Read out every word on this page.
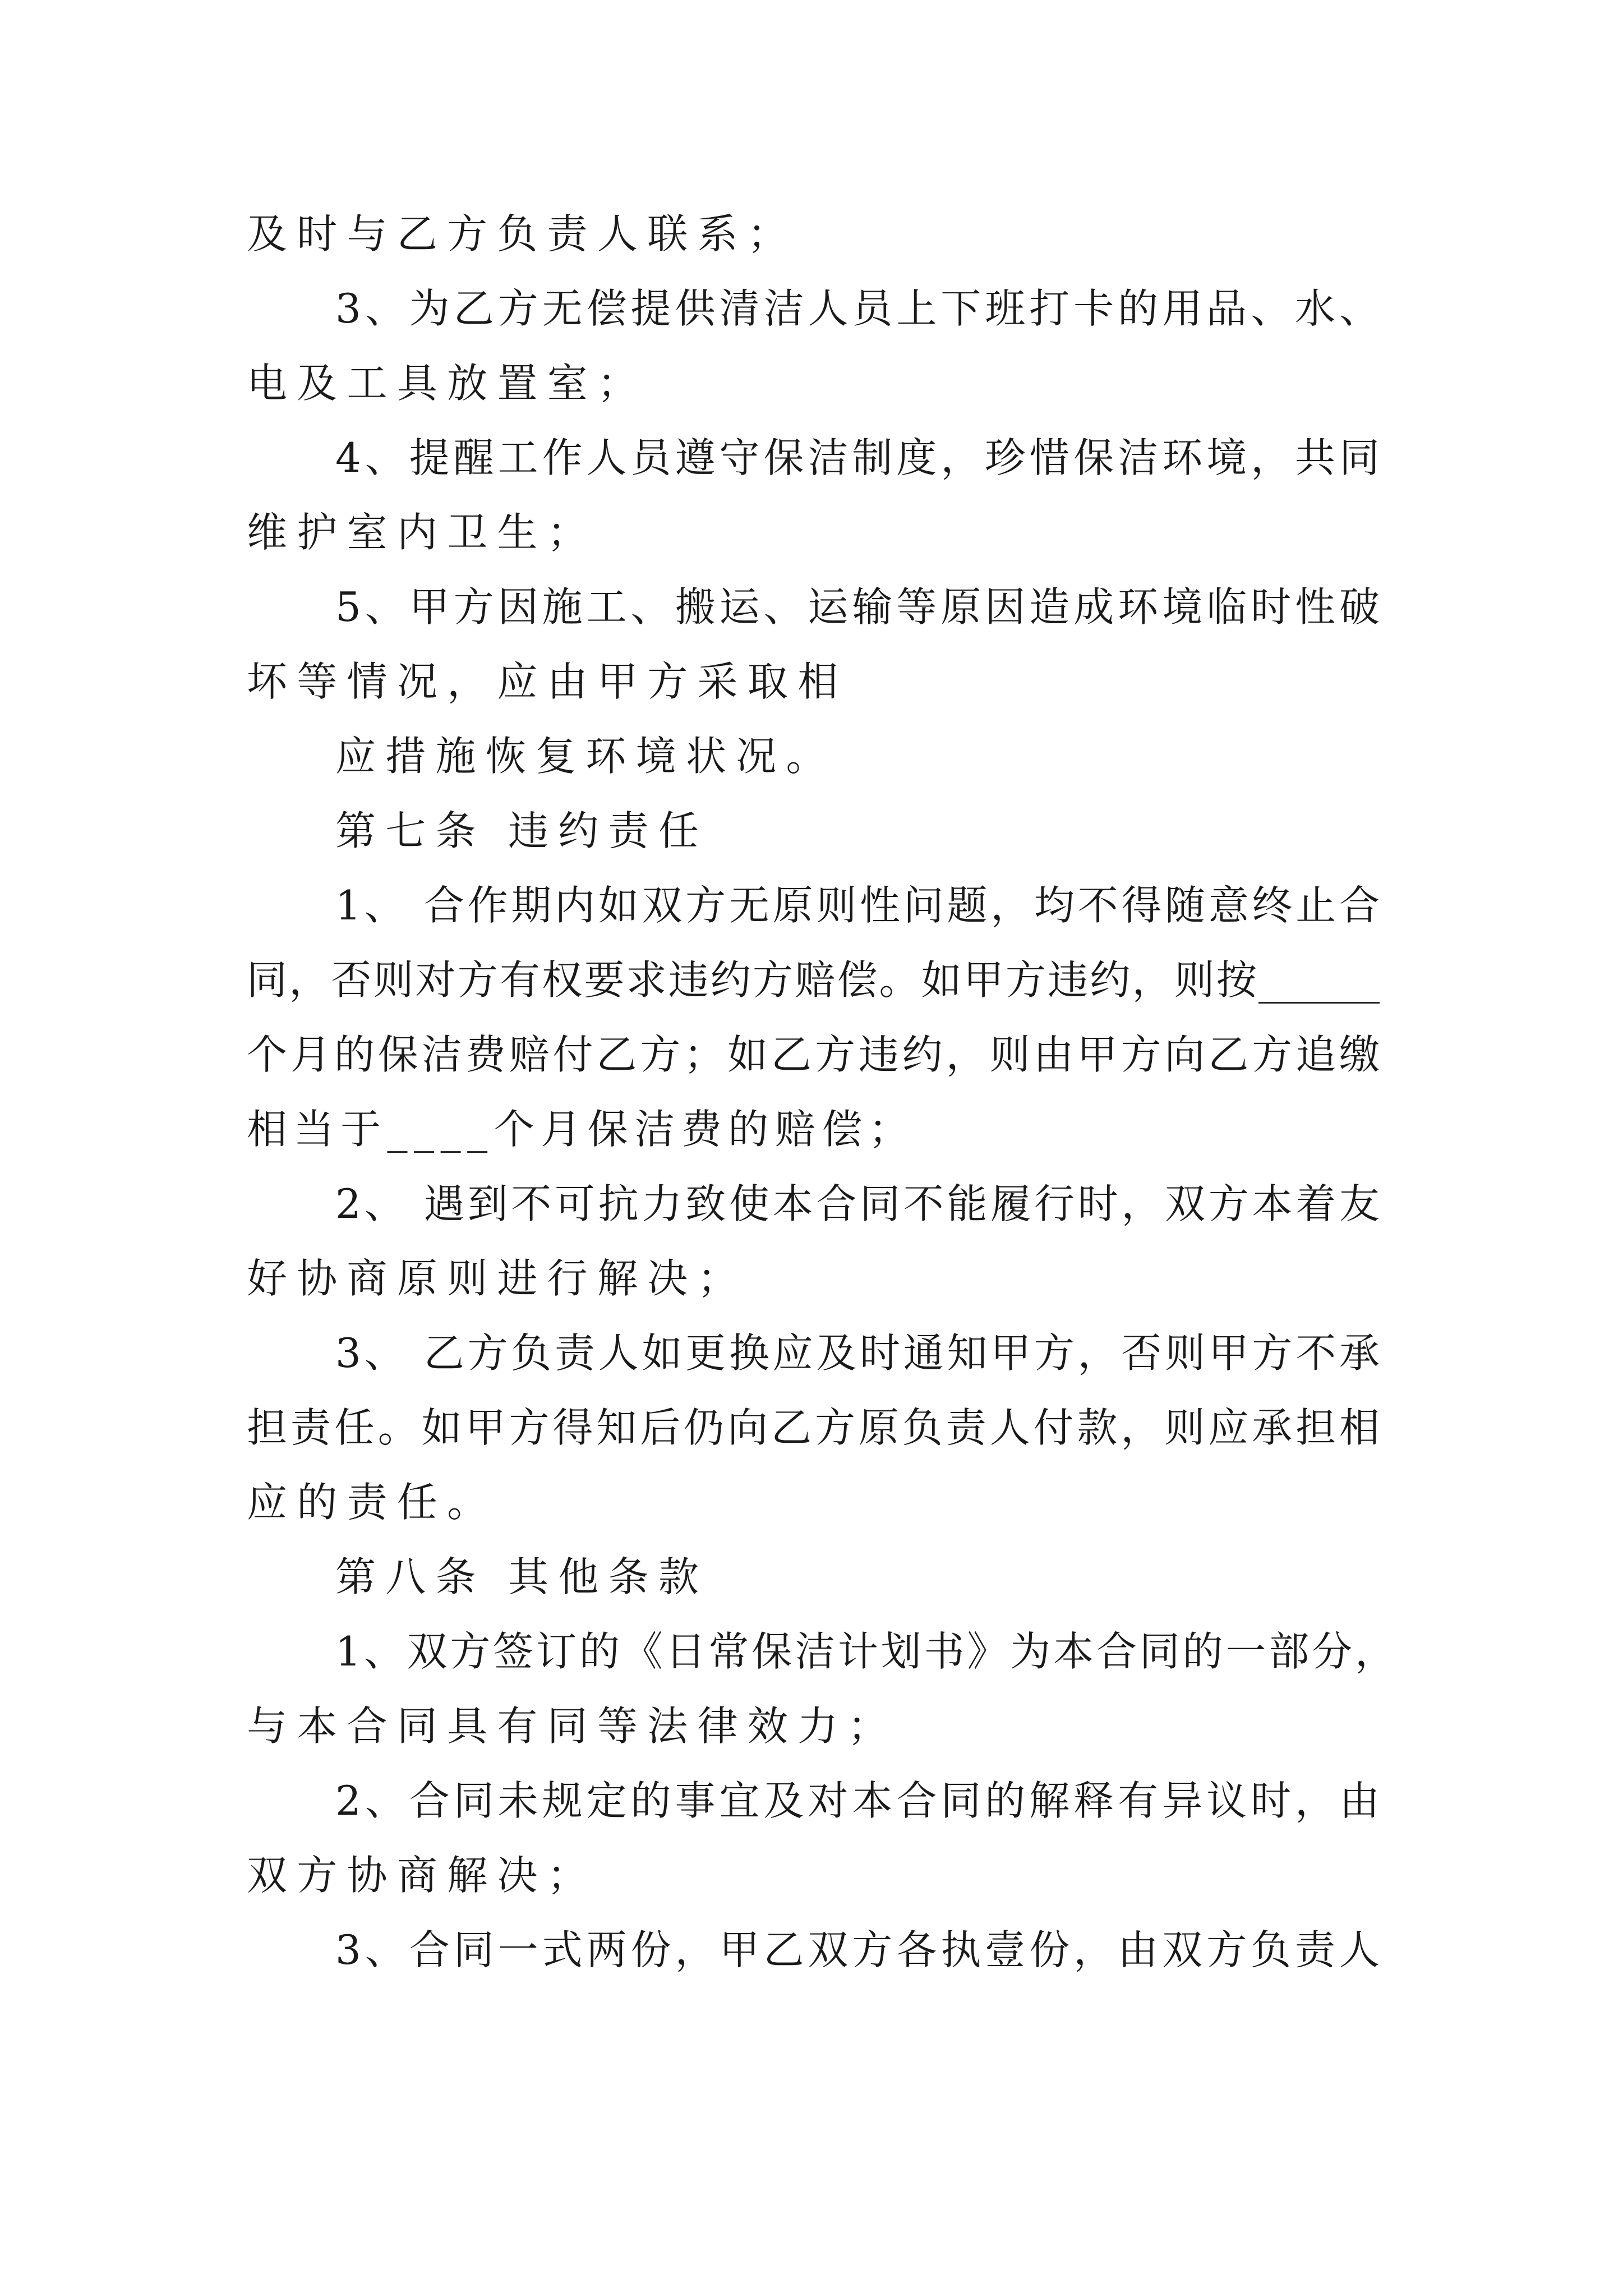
及时与乙方负责人联系；
3、为乙方无偿提供清洁人员上下班打卡的用品、水、
电及工具放置室；
4、提醒工作人员遵守保洁制度，珍惜保洁环境，共同
维护室内卫生；
5、甲方因施工、搬运、运输等原因造成环境临时性破
坏等情况，应由甲方采取相
应措施恢复环境状况。
第七条 违约责任
1、 合作期内如双方无原则性问题，均不得随意终止合
同，否则对方有权要求违约方赔偿。如甲方违约，则按______
个月的保洁费赔付乙方；如乙方违约，则由甲方向乙方追缴
相当于____个月保洁费的赔偿；
2、 遇到不可抗力致使本合同不能履行时，双方本着友
好协商原则进行解决；
3、 乙方负责人如更换应及时通知甲方，否则甲方不承
担责任。如甲方得知后仍向乙方原负责人付款，则应承担相
应的责任。
第八条 其他条款
1、双方签订的《日常保洁计划书》为本合同的一部分，
与本合同具有同等法律效力；
2、合同未规定的事宜及对本合同的解释有异议时，由
双方协商解决；
3、合同一式两份，甲乙双方各执壹份，由双方负责人
